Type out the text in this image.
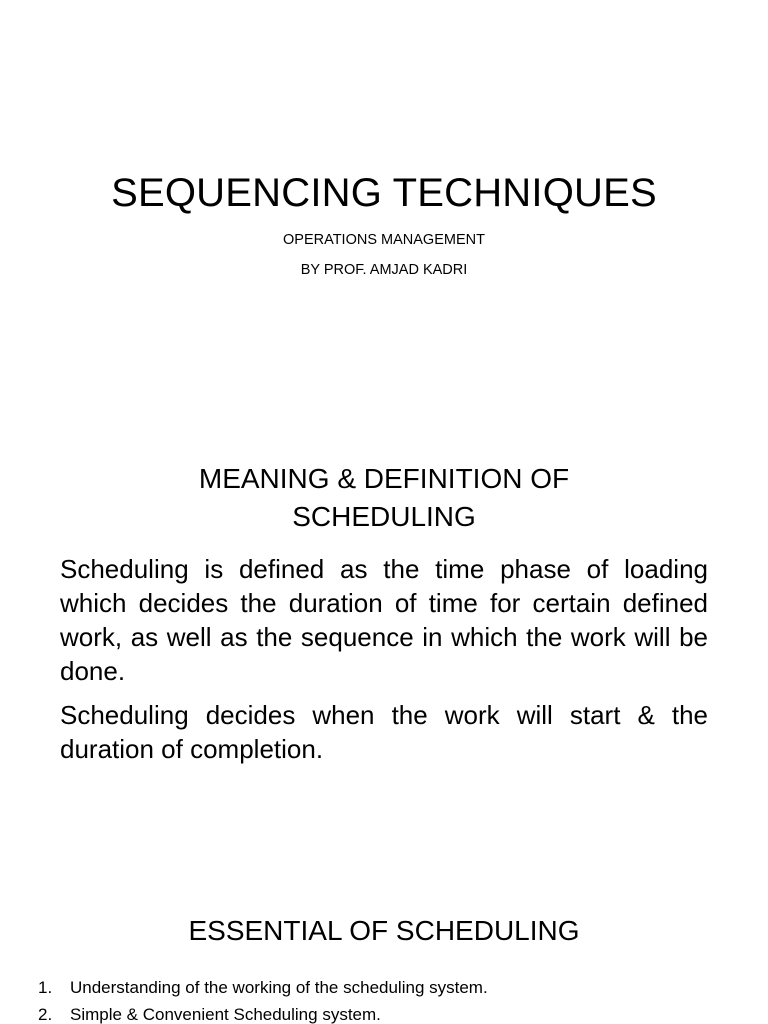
SEQUENCING TECHNIQUES
OPERATIONS MANAGEMENT
BY PROF. AMJAD KADRI
MEANING & DEFINITION OF
SCHEDULING

Scheduling is defined as the time phase of loading which decides the duration of time for certain defined work, as well as the sequence in which the work will be done.

Scheduling decides when the work will start & the duration of completion.

ESSENTIAL OF SCHEDULING
1.	Understanding of the working of the scheduling system.
2.	Simple & Convenient Scheduling system.
